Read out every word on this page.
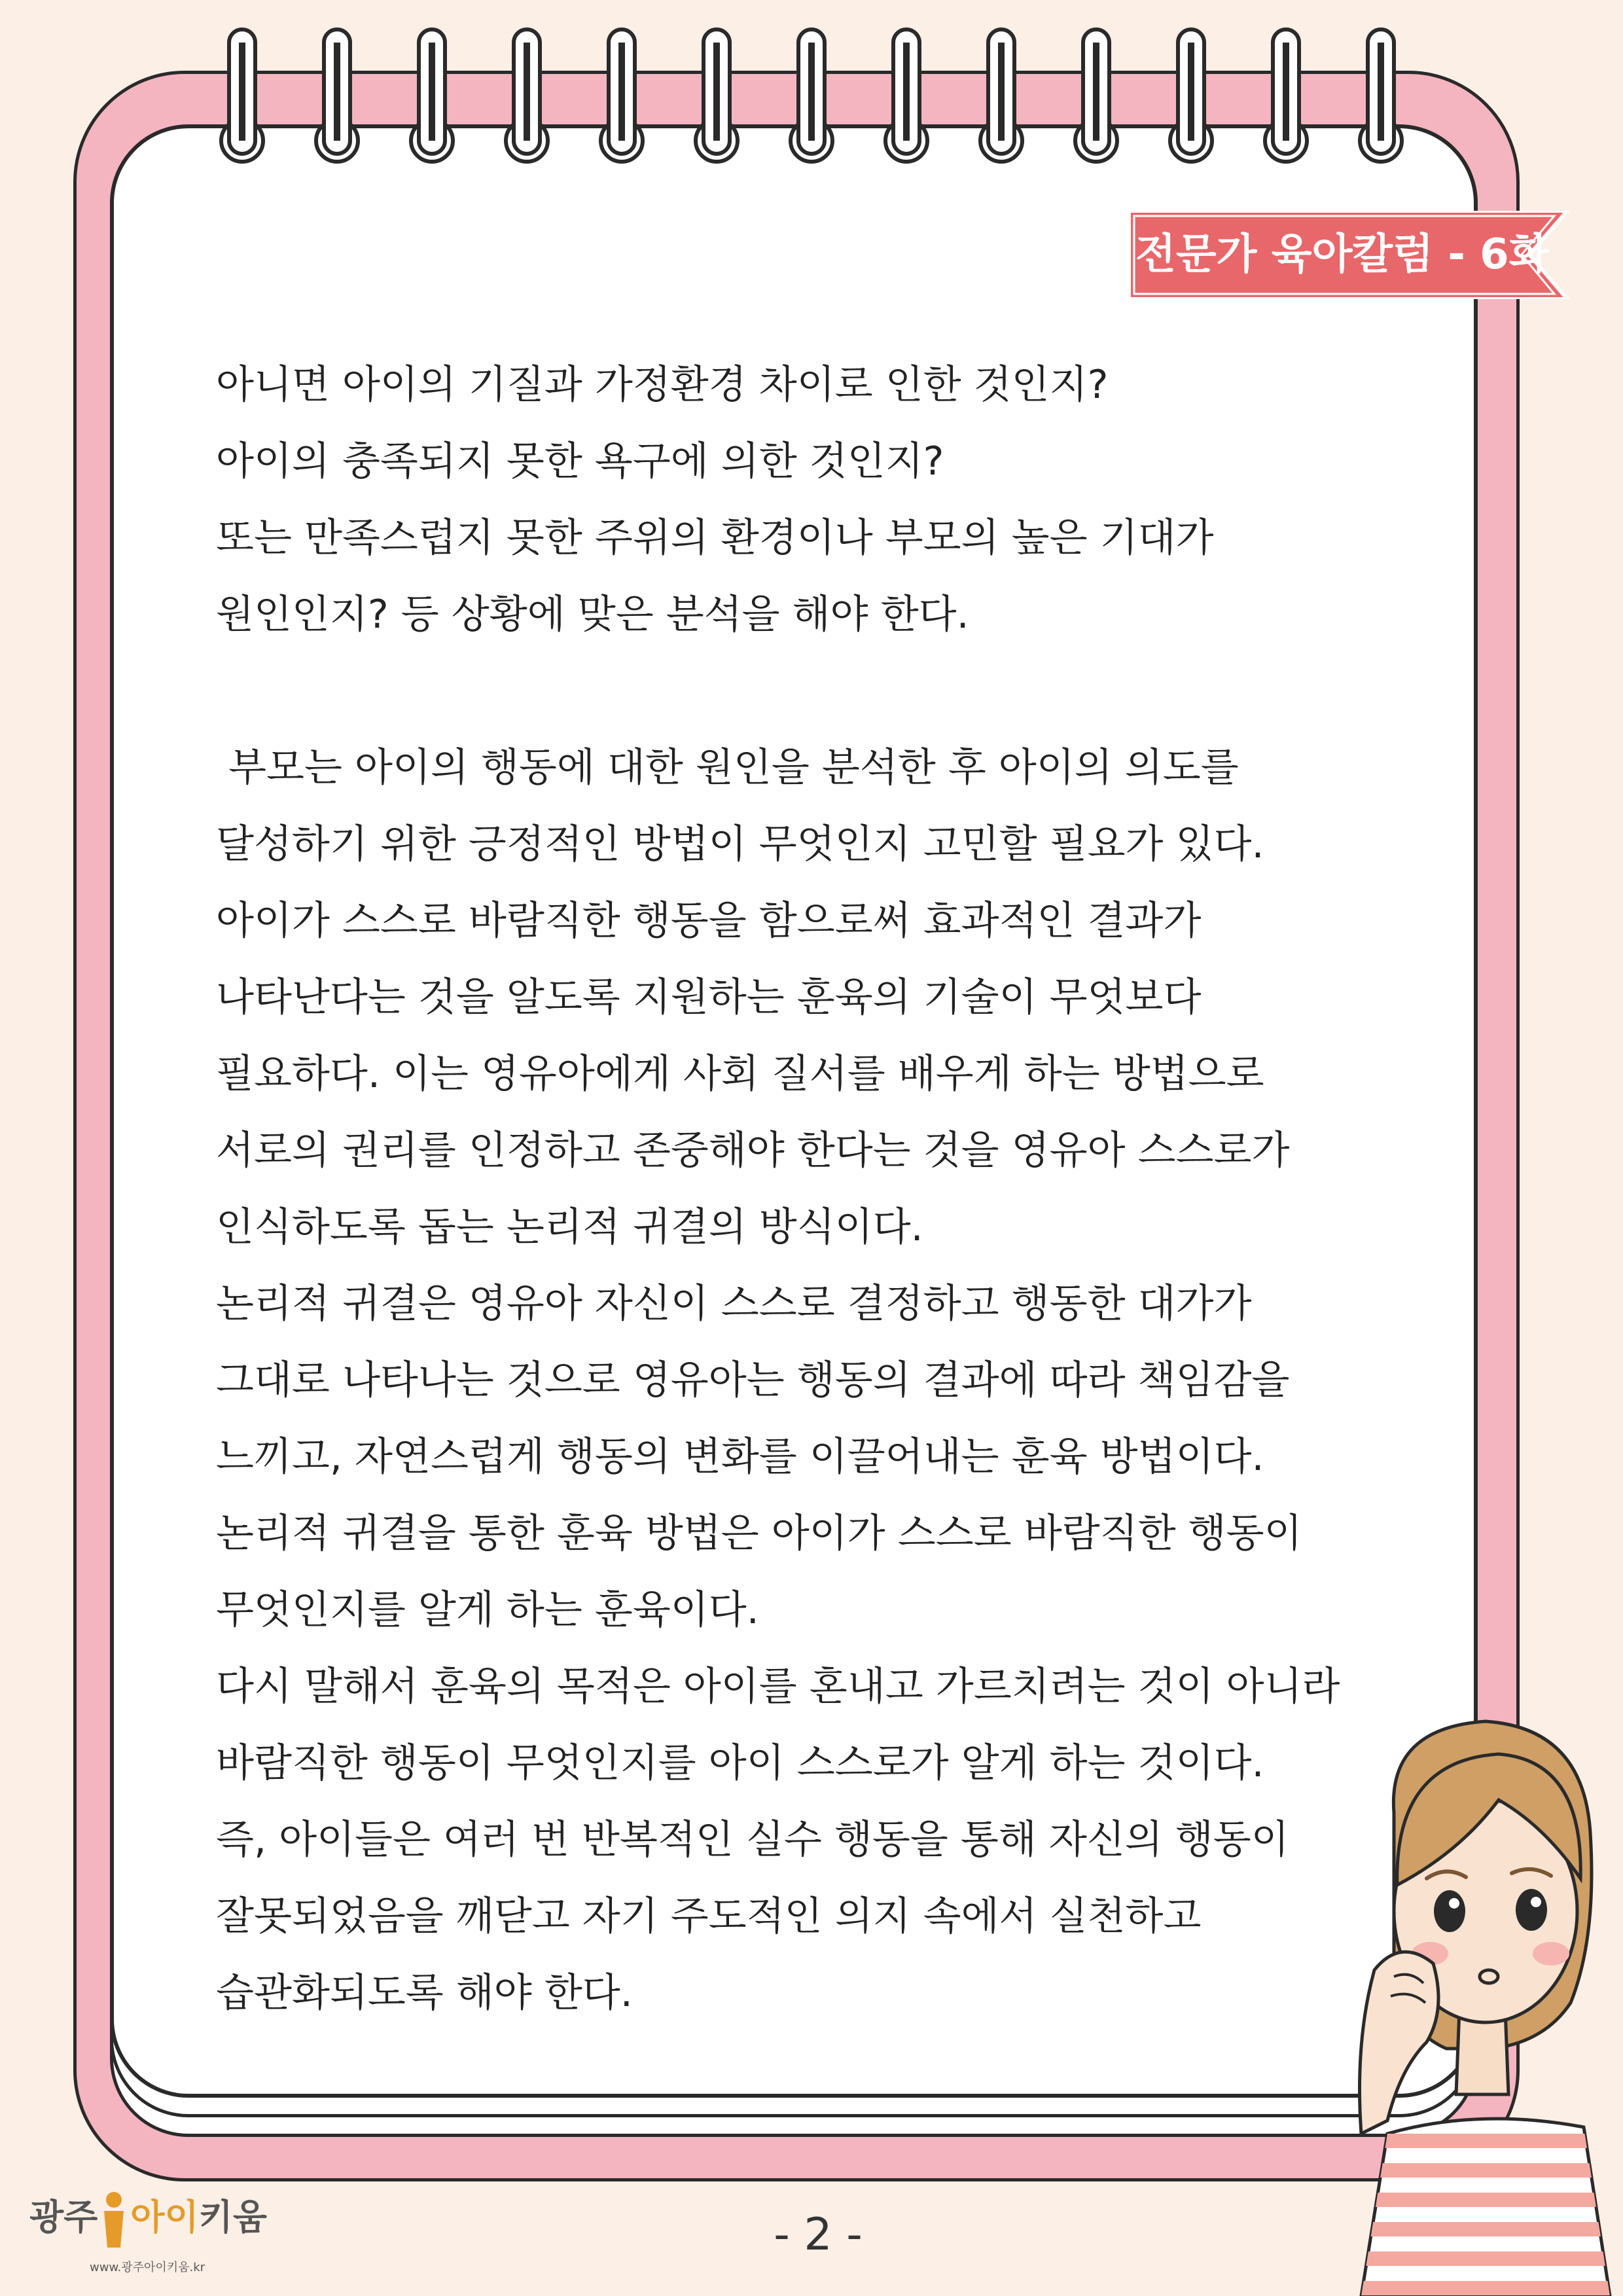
전문가 육아칼럼 - 6화
아니면 아이의 기질과 가정환경 차이로 인한 것인지?
아이의 충족되지 못한 욕구에 의한 것인지?
또는 만족스럽지 못한 주위의 환경이나 부모의 높은 기대가
원인인지? 등 상황에 맞은 분석을 해야 한다.
부모는 아이의 행동에 대한 원인을 분석한 후 아이의 의도를
달성하기 위한 긍정적인 방법이 무엇인지 고민할 필요가 있다.
아이가 스스로 바람직한 행동을 함으로써 효과적인 결과가
나타난다는 것을 알도록 지원하는 훈육의 기술이 무엇보다
필요하다. 이는 영유아에게 사회 질서를 배우게 하는 방법으로
서로의 권리를 인정하고 존중해야 한다는 것을 영유아 스스로가
인식하도록 돕는 논리적 귀결의 방식이다.
논리적 귀결은 영유아 자신이 스스로 결정하고 행동한 대가가
그대로 나타나는 것으로 영유아는 행동의 결과에 따라 책임감을
느끼고, 자연스럽게 행동의 변화를 이끌어내는 훈육 방법이다.
논리적 귀결을 통한 훈육 방법은 아이가 스스로 바람직한 행동이
무엇인지를 알게 하는 훈육이다.
다시 말해서 훈육의 목적은 아이를 혼내고 가르치려는 것이 아니라
바람직한 행동이 무엇인지를 아이 스스로가 알게 하는 것이다.
즉, 아이들은 여러 번 반복적인 실수 행동을 통해 자신의 행동이
잘못되었음을 깨닫고 자기 주도적인 의지 속에서 실천하고
습관화되도록 해야 한다.
광주 아이키움
www.광주아이키움.kr
- 2 -
